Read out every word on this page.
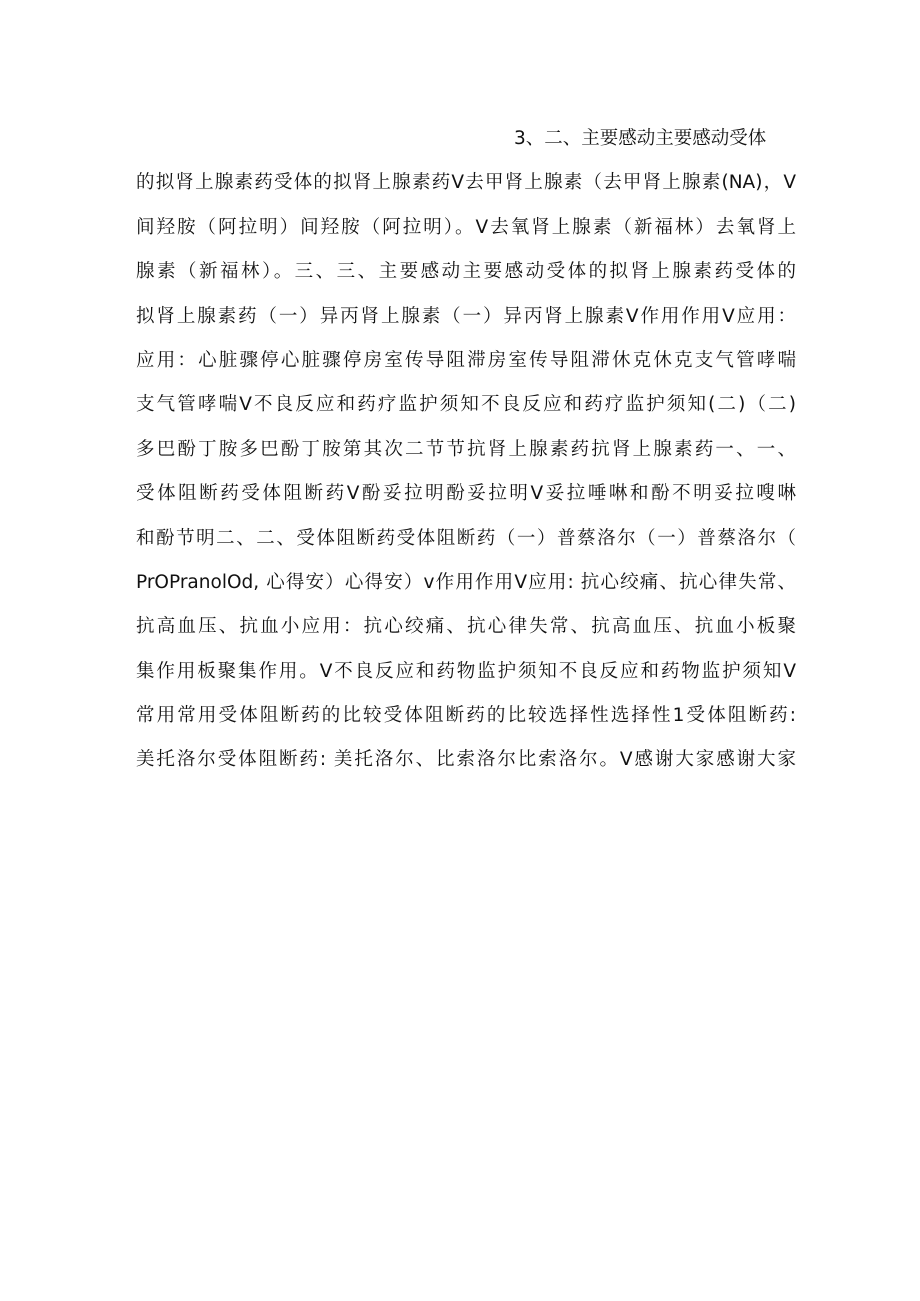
3、二、主要感动主要感动受体
的拟肾上腺素药受体的拟肾上腺素药Ⅴ去甲肾上腺素（去甲肾上腺素(NA)，V
间羟胺（阿拉明）间羟胺（阿拉明）。Ⅴ去氧肾上腺素（新福林）去氧肾上
腺素（新福林）。三、三、主要感动主要感动受体的拟肾上腺素药受体的
拟肾上腺素药（一）异丙肾上腺素（一）异丙肾上腺素Ⅴ作用作用Ⅴ应用：
应用：心脏骤停心脏骤停房室传导阻滞房室传导阻滞休克休克支气管哮喘
支气管哮喘Ⅴ不良反应和药疗监护须知不良反应和药疗监护须知(二)（二)
多巴酚丁胺多巴酚丁胺第其次二节节抗肾上腺素药抗肾上腺素药一、一、
受体阻断药受体阻断药Ⅴ酚妥拉明酚妥拉明Ⅴ妥拉唾啉和酚不明妥拉嗖啉
和酚节明二、二、受体阻断药受体阻断药（一）普蔡洛尔（一）普蔡洛尔（
PrOPranolOd, 心得安）心得安）v作用作用Ⅴ应用: 抗心绞痛、抗心律失常、
抗高血压、抗血小应用：抗心绞痛、抗心律失常、抗高血压、抗血小板聚
集作用板聚集作用。Ⅴ不良反应和药物监护须知不良反应和药物监护须知Ⅴ
常用常用受体阻断药的比较受体阻断药的比较选择性选择性1受体阻断药:
美托洛尔受体阻断药: 美托洛尔、比索洛尔比索洛尔。Ⅴ感谢大家感谢大家
